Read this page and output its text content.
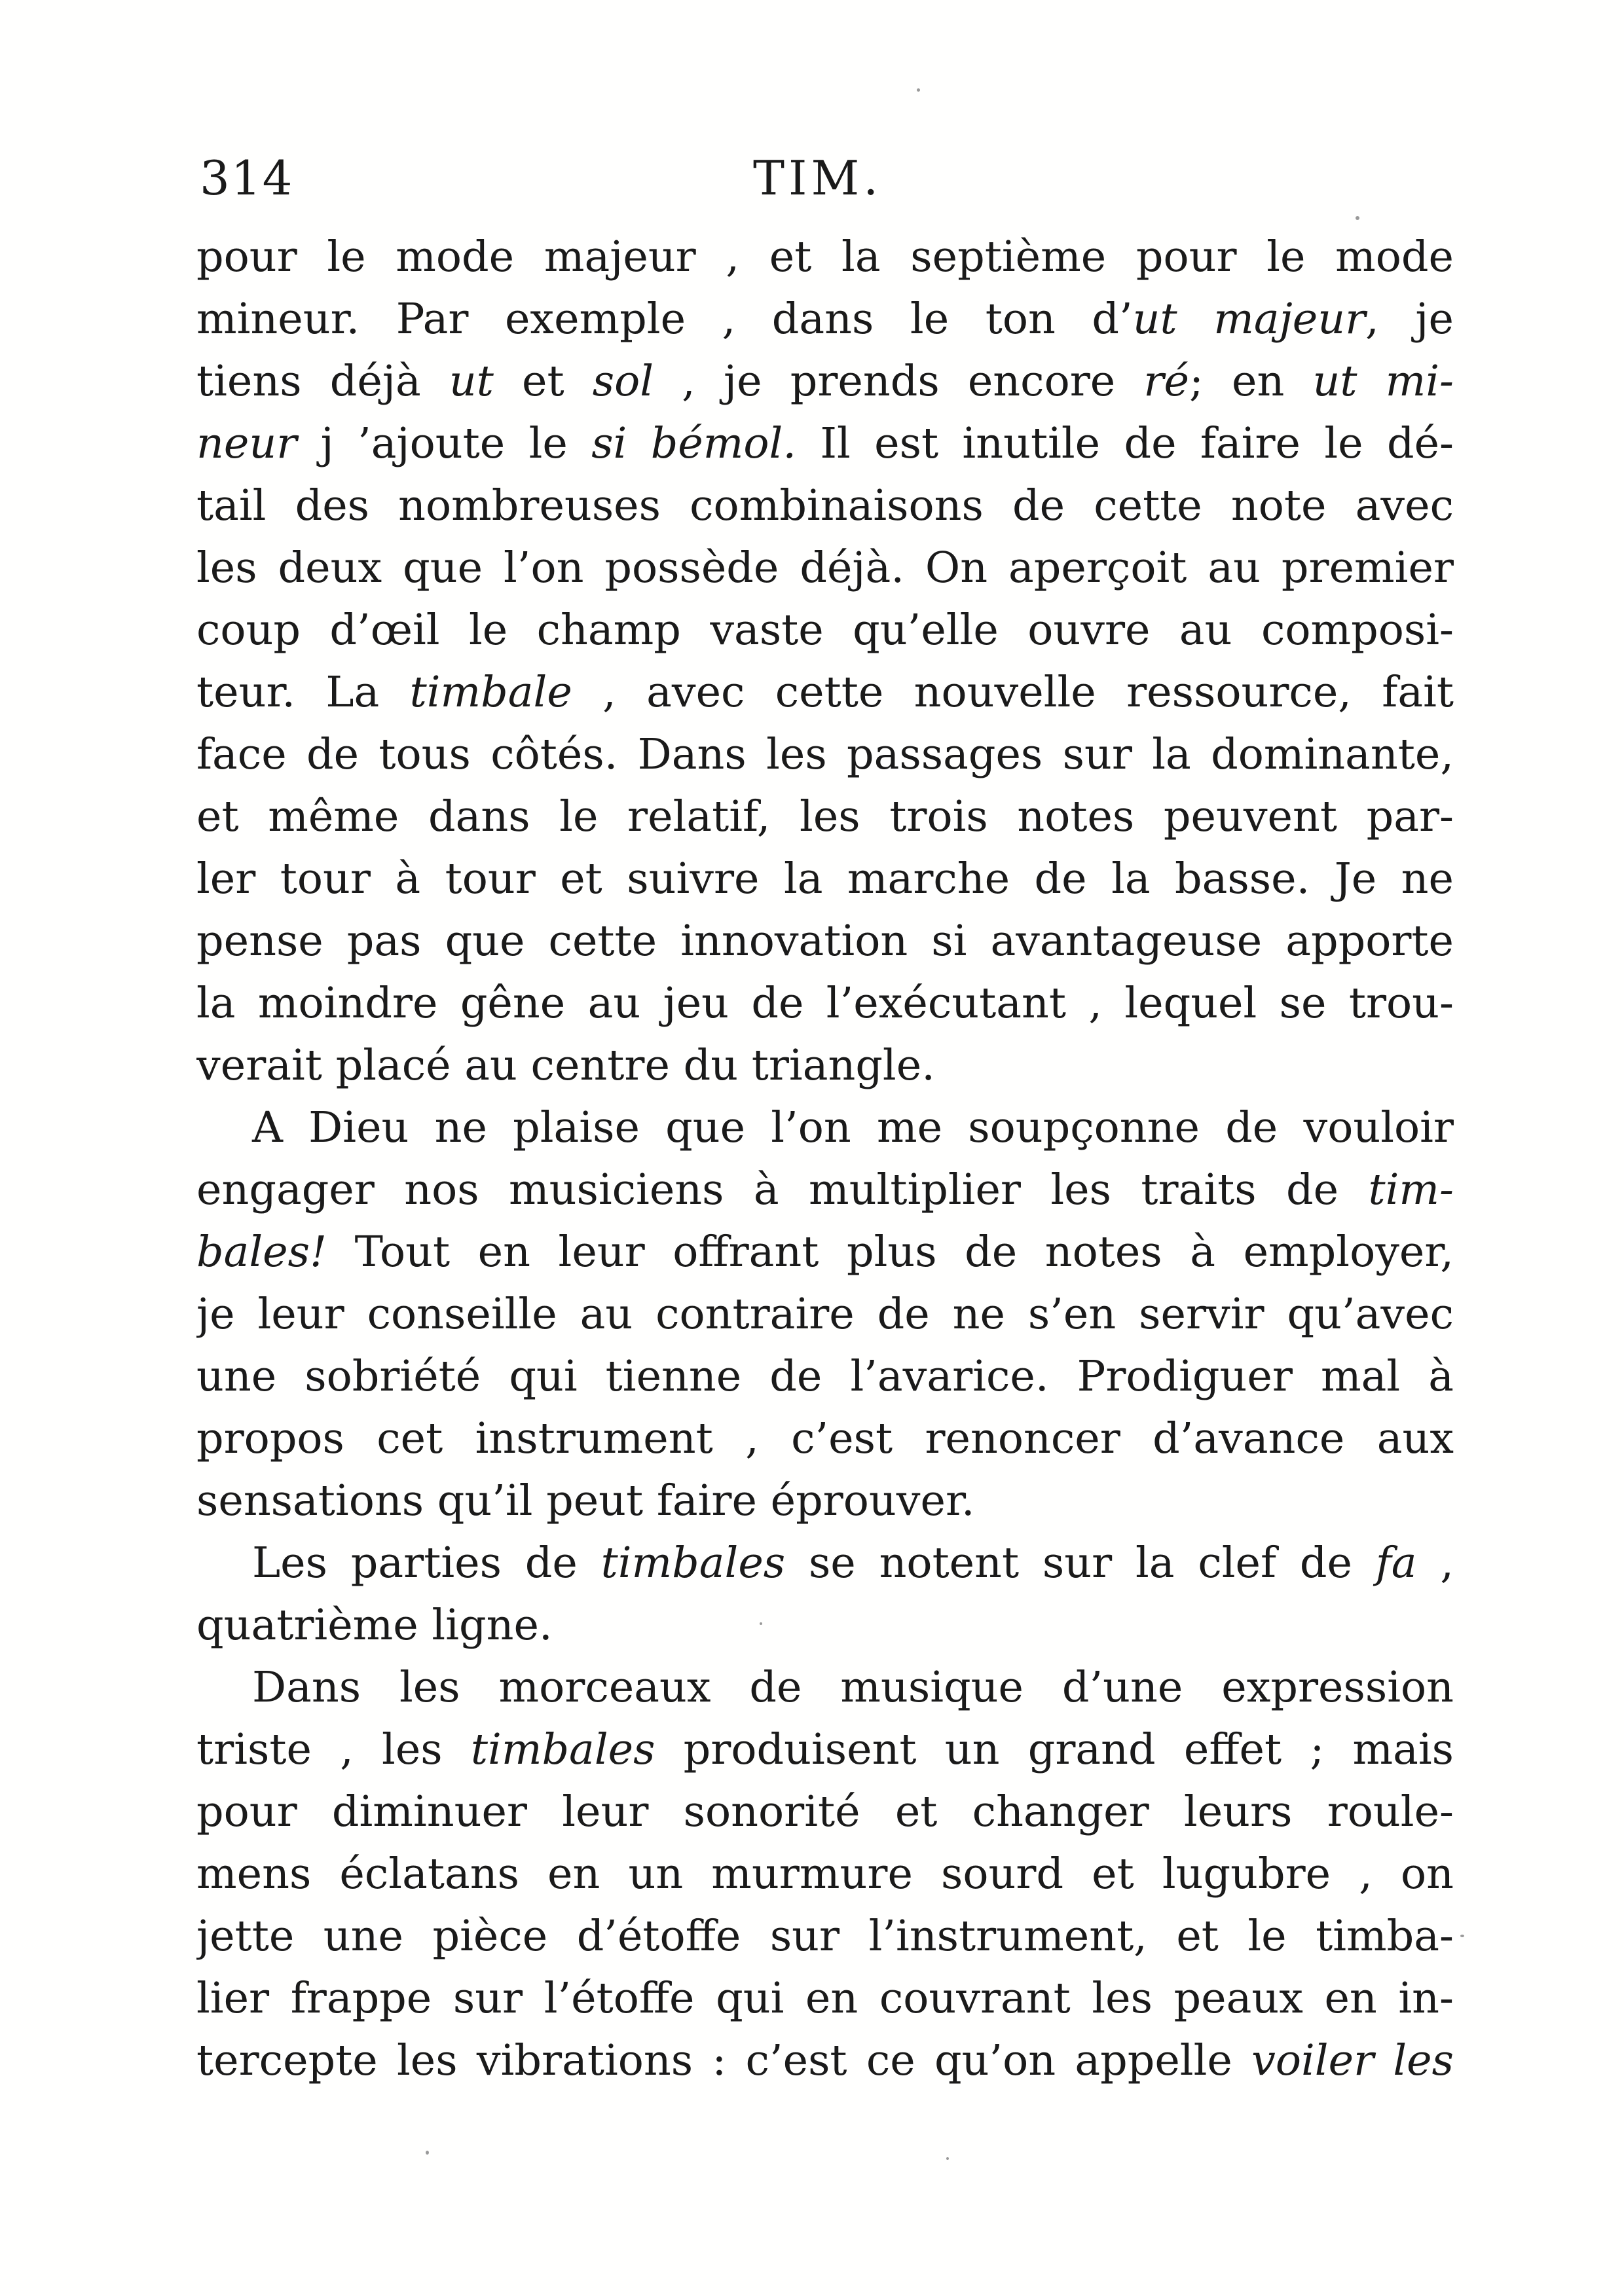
314	TIM.
pour le mode majeur , et la septième pour le mode
mineur. Par exemple , dans le ton d’ut majeur, je
tiens déjà ut et sol , je prends encore ré; en ut mi-
neur j ’ajoute le si bémol. Il est inutile de faire le dé-
tail des nombreuses combinaisons de cette note avec
les deux que l’on possède déjà. On aperçoit au premier
coup d’œil le champ vaste qu’elle ouvre au composi-
teur. La timbale , avec cette nouvelle ressource, fait
face de tous côtés. Dans les passages sur la dominante,
et même dans le relatif, les trois notes peuvent par-
ler tour à tour et suivre la marche de la basse. Je ne
pense pas que cette innovation si avantageuse apporte
la moindre gêne au jeu de l’exécutant , lequel se trou-
verait placé au centre du triangle.
A Dieu ne plaise que l’on me soupçonne de vouloir
engager nos musiciens à multiplier les traits de tim-
bales! Tout en leur offrant plus de notes à employer,
je leur conseille au contraire de ne s’en servir qu’avec
une sobriété qui tienne de l’avarice. Prodiguer mal à
propos cet instrument , c’est renoncer d’avance aux
sensations qu’il peut faire éprouver.
Les parties de timbales se notent sur la clef de fa ,
quatrième ligne.
Dans les morceaux de musique d’une expression
triste , les timbales produisent un grand effet ; mais
pour diminuer leur sonorité et changer leurs roule-
mens éclatans en un murmure sourd et lugubre , on
jette une pièce d’étoffe sur l’instrument, et le timba-
lier frappe sur l’étoffe qui en couvrant les peaux en in-
tercepte les vibrations : c’est ce qu’on appelle voiler les
